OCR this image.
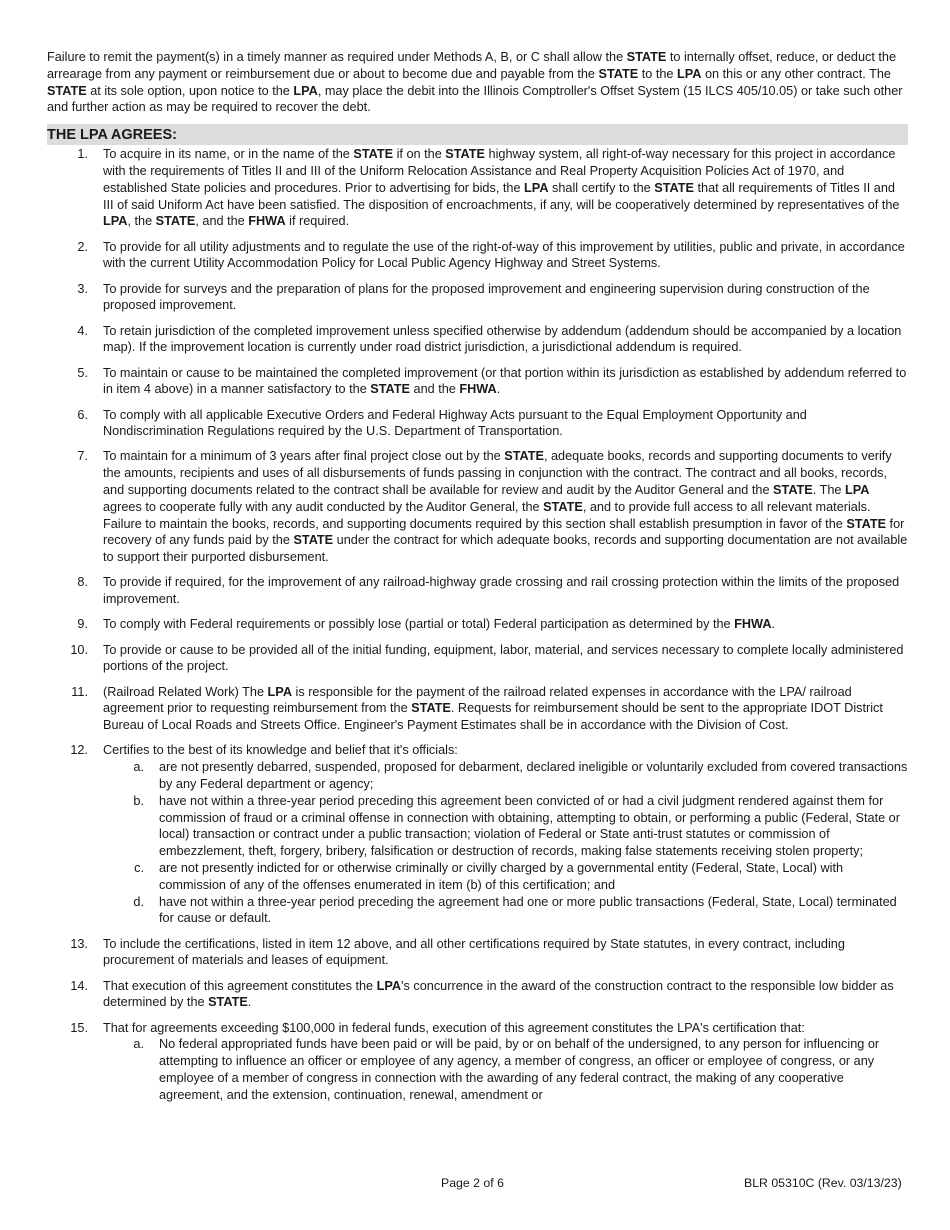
Failure to remit the payment(s) in a timely manner as required under Methods A, B, or C shall allow the STATE to internally offset, reduce, or deduct the arrearage from any payment or reimbursement due or about to become due and payable from the STATE to the LPA on this or any other contract. The STATE at its sole option, upon notice to the LPA, may place the debit into the Illinois Comptroller's Offset System (15 ILCS 405/10.05) or take such other and further action as may be required to recover the debt.

THE LPA AGREES:
1.	To acquire in its name, or in the name of the STATE if on the STATE highway system, all right-of-way necessary for this project in accordance with the requirements of Titles II and III of the Uniform Relocation Assistance and Real Property Acquisition Policies Act of 1970, and established State policies and procedures. Prior to advertising for bids, the LPA shall certify to the STATE that all requirements of Titles II and III of said Uniform Act have been satisfied. The disposition of encroachments, if any, will be cooperatively determined by representatives of the LPA, the STATE, and the FHWA if required.
2.	To provide for all utility adjustments and to regulate the use of the right-of-way of this improvement by utilities, public and private, in accordance with the current Utility Accommodation Policy for Local Public Agency Highway and Street Systems.
3.	To provide for surveys and the preparation of plans for the proposed improvement and engineering supervision during construction of the proposed improvement.
4.	To retain jurisdiction of the completed improvement unless specified otherwise by addendum (addendum should be accompanied by a location map). If the improvement location is currently under road district jurisdiction, a jurisdictional addendum is required.
5.	To maintain or cause to be maintained the completed improvement (or that portion within its jurisdiction as established by addendum referred to in item 4 above) in a manner satisfactory to the STATE and the FHWA.
6.	To comply with all applicable Executive Orders and Federal Highway Acts pursuant to the Equal Employment Opportunity and Nondiscrimination Regulations required by the U.S. Department of Transportation.
7.	To maintain for a minimum of 3 years after final project close out by the STATE, adequate books, records and supporting documents to verify the amounts, recipients and uses of all disbursements of funds passing in conjunction with the contract. The contract and all books, records, and supporting documents related to the contract shall be available for review and audit by the Auditor General and the STATE. The LPA agrees to cooperate fully with any audit conducted by the Auditor General, the STATE, and to provide full access to all relevant materials. Failure to maintain the books, records, and supporting documents required by this section shall establish presumption in favor of the STATE for recovery of any funds paid by the STATE under the contract for which adequate books, records and supporting documentation are not available to support their purported disbursement.
8.	To provide if required, for the improvement of any railroad-highway grade crossing and rail crossing protection within the limits of the proposed improvement.
9.	To comply with Federal requirements or possibly lose (partial or total) Federal participation as determined by the FHWA.
10.	To provide or cause to be provided all of the initial funding, equipment, labor, material, and services necessary to complete locally administered portions of the project.
11.	(Railroad Related Work) The LPA is responsible for the payment of the railroad related expenses in accordance with the LPA/ railroad agreement prior to requesting reimbursement from the STATE. Requests for reimbursement should be sent to the appropriate IDOT District Bureau of Local Roads and Streets Office. Engineer's Payment Estimates shall be in accordance with the Division of Cost.
12.	Certifies to the best of its knowledge and belief that it's officials:
a.	are not presently debarred, suspended, proposed for debarment, declared ineligible or voluntarily excluded from covered transactions by any Federal department or agency;
b.	have not within a three-year period preceding this agreement been convicted of or had a civil judgment rendered against them for commission of fraud or a criminal offense in connection with obtaining, attempting to obtain, or performing a public (Federal, State or local) transaction or contract under a public transaction; violation of Federal or State anti-trust statutes or commission of embezzlement, theft, forgery, bribery, falsification or destruction of records, making false statements receiving stolen property;
c.	are not presently indicted for or otherwise criminally or civilly charged by a governmental entity (Federal, State, Local) with commission of any of the offenses enumerated in item (b) of this certification; and
d.	have not within a three-year period preceding the agreement had one or more public transactions (Federal, State, Local) terminated for cause or default.
13.	To include the certifications, listed in item 12 above, and all other certifications required by State statutes, in every contract, including procurement of materials and leases of equipment.
14.	That execution of this agreement constitutes the LPA's concurrence in the award of the construction contract to the responsible low bidder as determined by the STATE.
15.	That for agreements exceeding $100,000 in federal funds, execution of this agreement constitutes the LPA's certification that:
a.	No federal appropriated funds have been paid or will be paid, by or on behalf of the undersigned, to any person for influencing or attempting to influence an officer or employee of any agency, a member of congress, an officer or employee of congress, or any employee of a member of congress in connection with the awarding of any federal contract, the making of any cooperative agreement, and the extension, continuation, renewal, amendment or
Page 2 of 6	BLR 05310C (Rev. 03/13/23)
